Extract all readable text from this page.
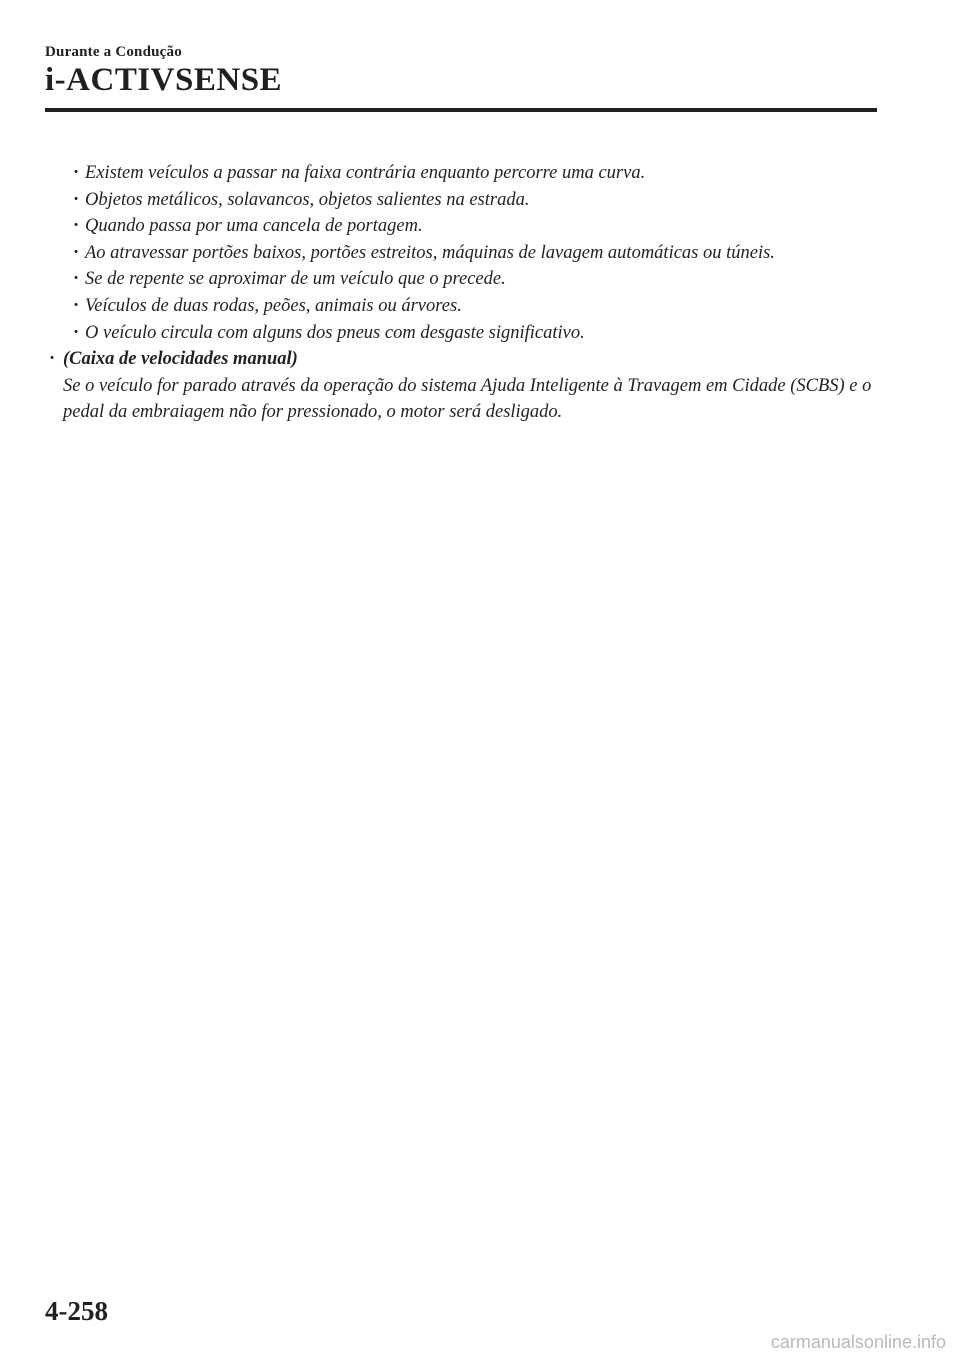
Durante a Condução
i-ACTIVSENSE
· Existem veículos a passar na faixa contrária enquanto percorre uma curva.
· Objetos metálicos, solavancos, objetos salientes na estrada.
· Quando passa por uma cancela de portagem.
· Ao atravessar portões baixos, portões estreitos, máquinas de lavagem automáticas ou túneis.
· Se de repente se aproximar de um veículo que o precede.
· Veículos de duas rodas, peões, animais ou árvores.
· O veículo circula com alguns dos pneus com desgaste significativo.
· (Caixa de velocidades manual)
Se o veículo for parado através da operação do sistema Ajuda Inteligente à Travagem em Cidade (SCBS) e o pedal da embraiagem não for pressionado, o motor será desligado.
4-258
carmanualsonline.info
